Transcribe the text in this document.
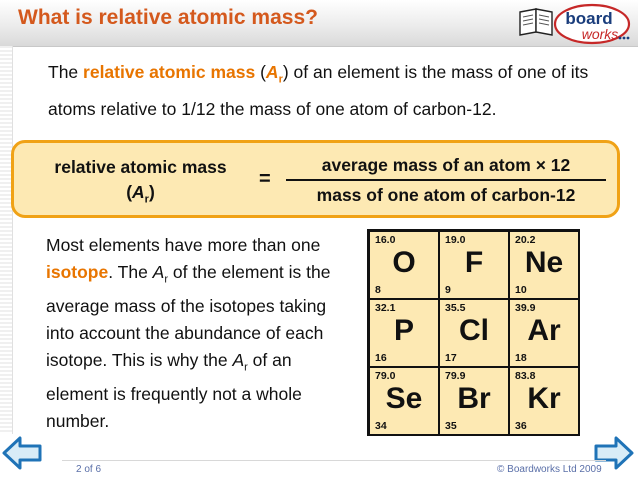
What is relative atomic mass?	board
works
The relative atomic mass $(A_r)$ of an element is the mass of one of its atoms relative to 1/12 the mass of one atom of carbon-12.
relative atomic mass
$(A_r)$
=
average mass of an atom × 12
mass of one atom of carbon-12
Most elements have more than one isotope. The $A_r$ of the element is the average mass of the isotopes taking into account the abundance of each isotope. This is why the $A_r$ of an element is frequently not a whole number.
16.0
O
8
19.0
F
9
20.2
Ne
10
32.1
P
16
35.5
Cl
17
39.9
Ar
18
79.0
Se
34
79.9
Br
35
83.8
Kr
36
2 of 6	© Boardworks Ltd 2009
